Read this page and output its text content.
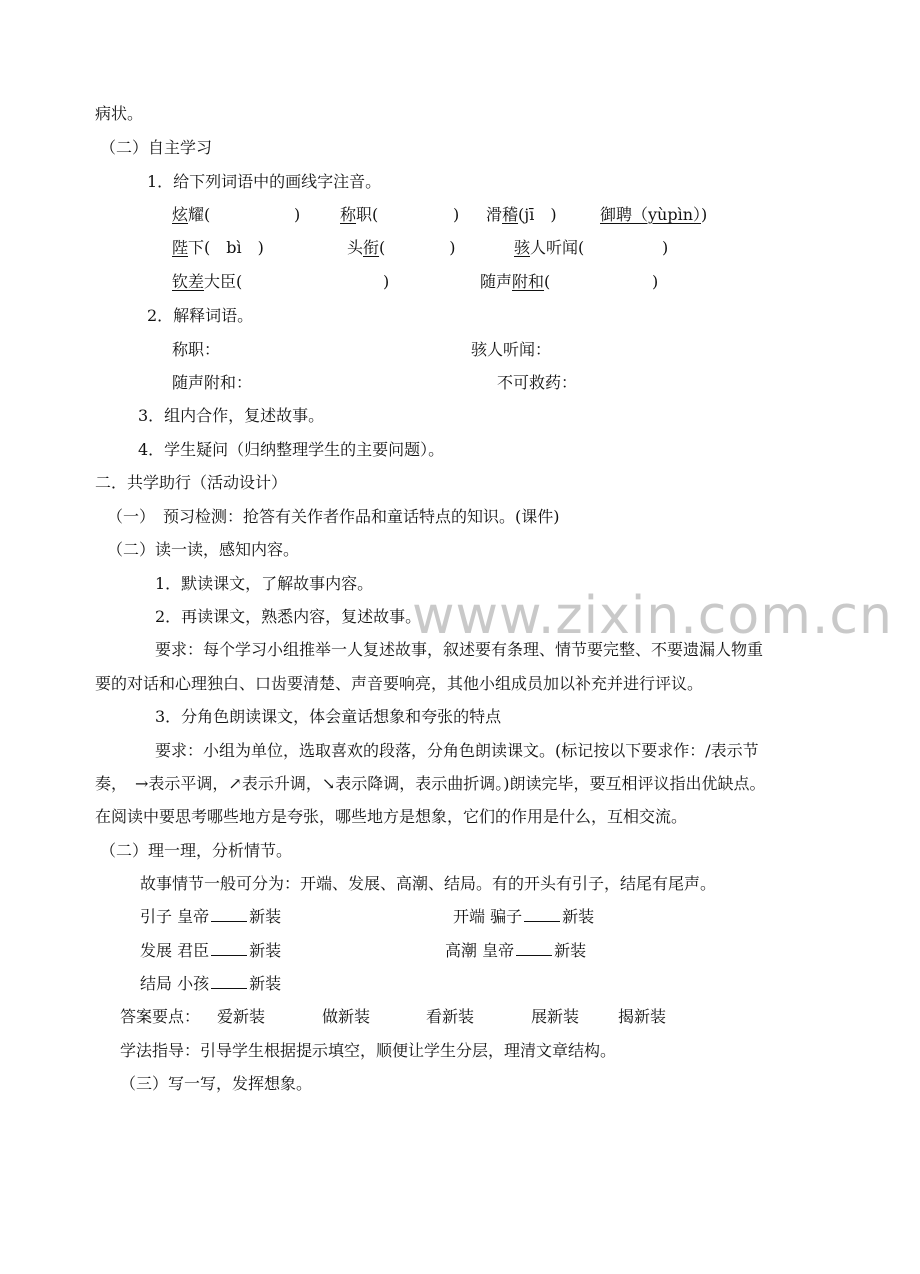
www.zixin.com.cn
病状。
（二）自主学习
1．给下列词语中的画线字注音。
炫耀(	) 称职(	) 滑稽(jī　)	御聘（yùpìn）)
陛下(　bì　)	头衔(　　　　)	骇人听闻(	)
钦差大臣(	)	随声附和(	)
2．解释词语。
称职：	骇人听闻：
随声附和：	不可救药：
3．组内合作，复述故事。
4．学生疑问（归纳整理学生的主要问题）。
二．共学助行（活动设计）
（一）　预习检测：抢答有关作者作品和童话特点的知识。(课件)
（二）读一读，感知内容。
1．默读课文，了解故事内容。
2．再读课文，熟悉内容，复述故事。
要求：每个学习小组推举一人复述故事，叙述要有条理、情节要完整、不要遗漏人物重
要的对话和心理独白、口齿要清楚、声音要响亮，其他小组成员加以补充并进行评议。
3．分角色朗读课文，体会童话想象和夸张的特点
要求：小组为单位，选取喜欢的段落，分角色朗读课文。(标记按以下要求作：/表示节
奏，　→表示平调，↗表示升调，↘表示降调，表示曲折调。)朗读完毕，要互相评议指出优缺点。
在阅读中要思考哪些地方是夸张，哪些地方是想象，它们的作用是什么，互相交流。
（二）理一理，分析情节。
故事情节一般可分为：开端、发展、高潮、结局。有的开头有引子，结尾有尾声。
引子 皇帝	新装	开端 骗子	新装
发展 君臣	新装	高潮 皇帝	新装
结局 小孩	新装
答案要点： 爱新装	做新装	看新装	展新装 揭新装
学法指导：引导学生根据提示填空，顺便让学生分层，理清文章结构。
（三）写一写，发挥想象。
